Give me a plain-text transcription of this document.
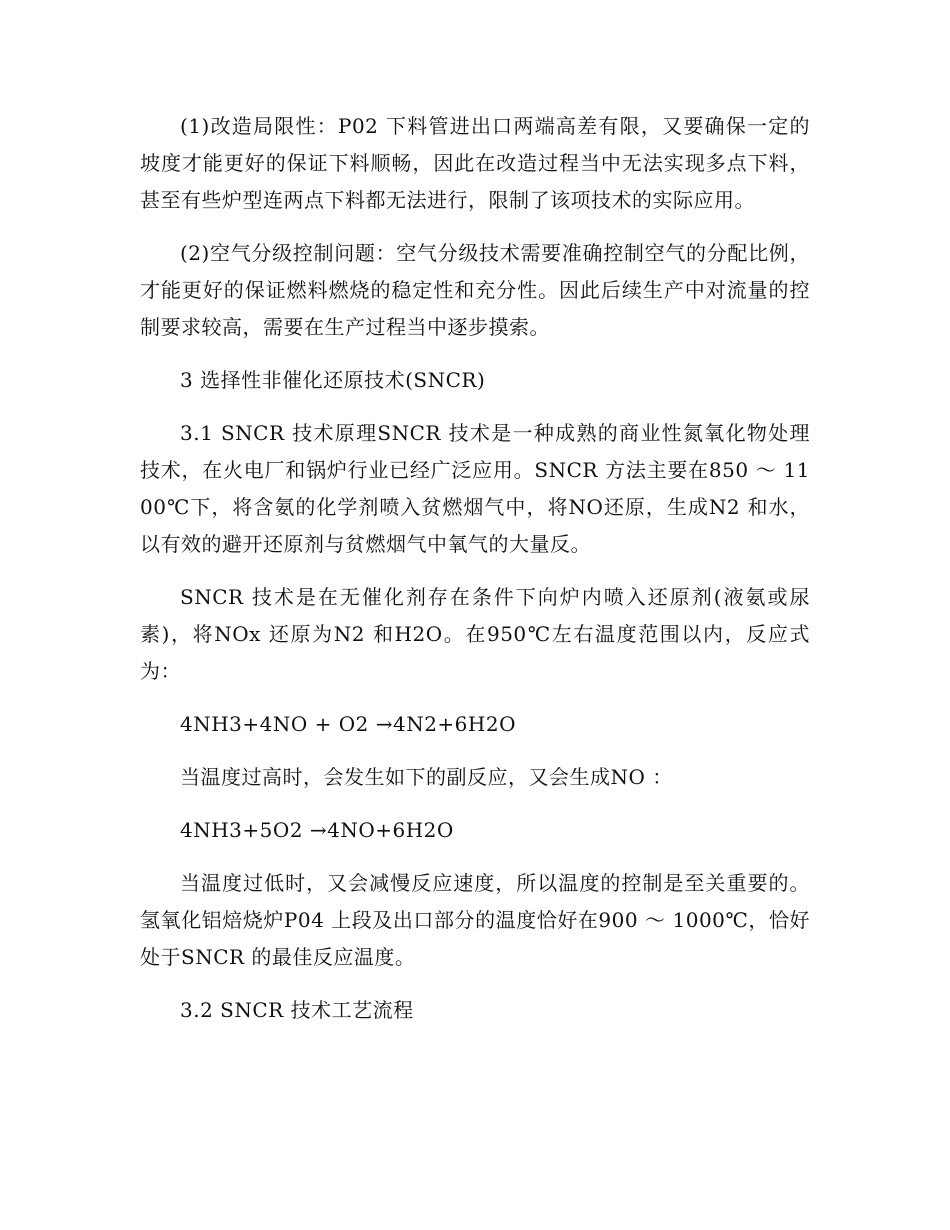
(1)改造局限性：P02 下料管进出口两端高差有限，又要确保一定的坡度才能更好的保证下料顺畅，因此在改造过程当中无法实现多点下料，甚至有些炉型连两点下料都无法进行，限制了该项技术的实际应用。

(2)空气分级控制问题：空气分级技术需要准确控制空气的分配比例，才能更好的保证燃料燃烧的稳定性和充分性。因此后续生产中对流量的控制要求较高，需要在生产过程当中逐步摸索。

3 选择性非催化还原技术(SNCR)

3.1 SNCR 技术原理SNCR 技术是一种成熟的商业性氮氧化物处理技术，在火电厂和锅炉行业已经广泛应用。SNCR 方法主要在850 ～ 1100℃下，将含氨的化学剂喷入贫燃烟气中，将NO还原，生成N2 和水，以有效的避开还原剂与贫燃烟气中氧气的大量反。

SNCR 技术是在无催化剂存在条件下向炉内喷入还原剂(液氨或尿素)，将NOx 还原为N2 和H2O。在950℃左右温度范围以内，反应式为：

4NH3+4NO + O2 →4N2+6H2O

当温度过高时，会发生如下的副反应，又会生成NO ：

4NH3+5O2 →4NO+6H2O

当温度过低时，又会减慢反应速度，所以温度的控制是至关重要的。氢氧化铝焙烧炉P04 上段及出口部分的温度恰好在900 ～ 1000℃，恰好处于SNCR 的最佳反应温度。

3.2 SNCR 技术工艺流程
